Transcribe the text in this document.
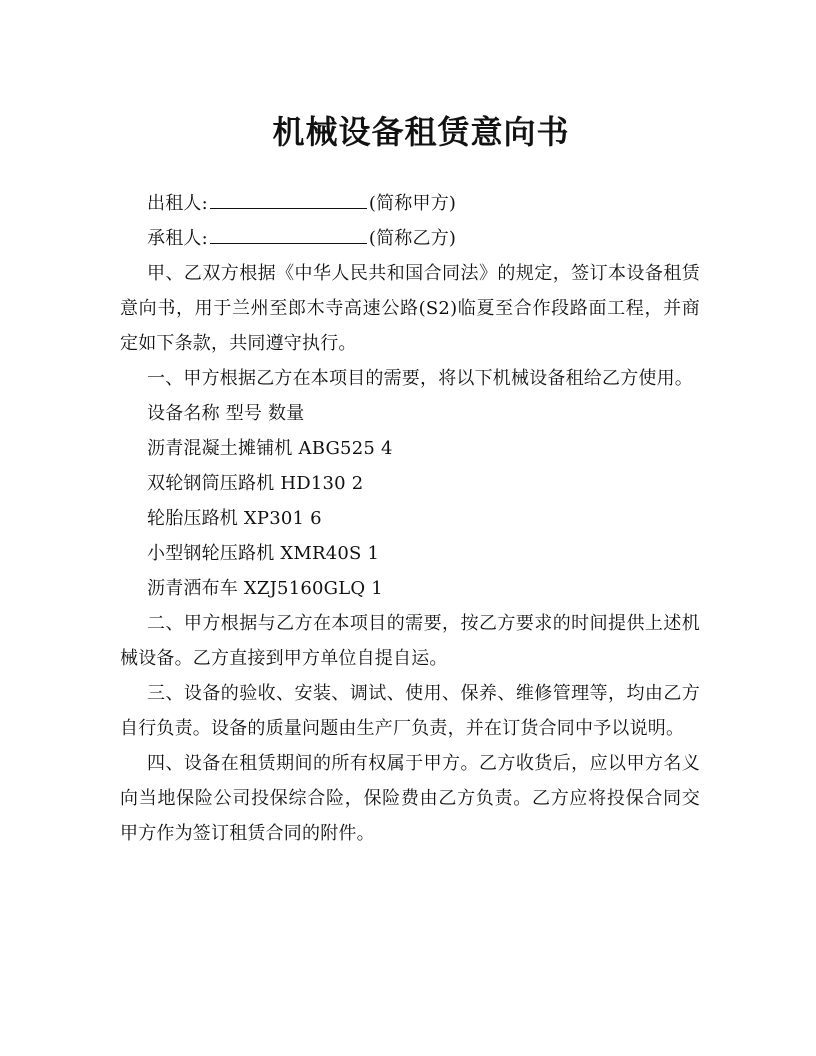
机械设备租赁意向书

出租人:	(简称甲方)

承租人:	(简称乙方)

甲、乙双方根据《中华人民共和国合同法》的规定，签订本设备租赁意向书，用于兰州至郎木寺高速公路(S2)临夏至合作段路面工程，并商定如下条款，共同遵守执行。

一、甲方根据乙方在本项目的需要，将以下机械设备租给乙方使用。

设备名称 型号 数量

沥青混凝土摊铺机 ABG525 4

双轮钢筒压路机 HD130 2

轮胎压路机 XP301 6

小型钢轮压路机 XMR40S 1

沥青洒布车 XZJ5160GLQ 1

二、甲方根据与乙方在本项目的需要，按乙方要求的时间提供上述机械设备。乙方直接到甲方单位自提自运。

三、设备的验收、安装、调试、使用、保养、维修管理等，均由乙方自行负责。设备的质量问题由生产厂负责，并在订货合同中予以说明。

四、设备在租赁期间的所有权属于甲方。乙方收货后，应以甲方名义向当地保险公司投保综合险，保险费由乙方负责。乙方应将投保合同交甲方作为签订租赁合同的附件。
